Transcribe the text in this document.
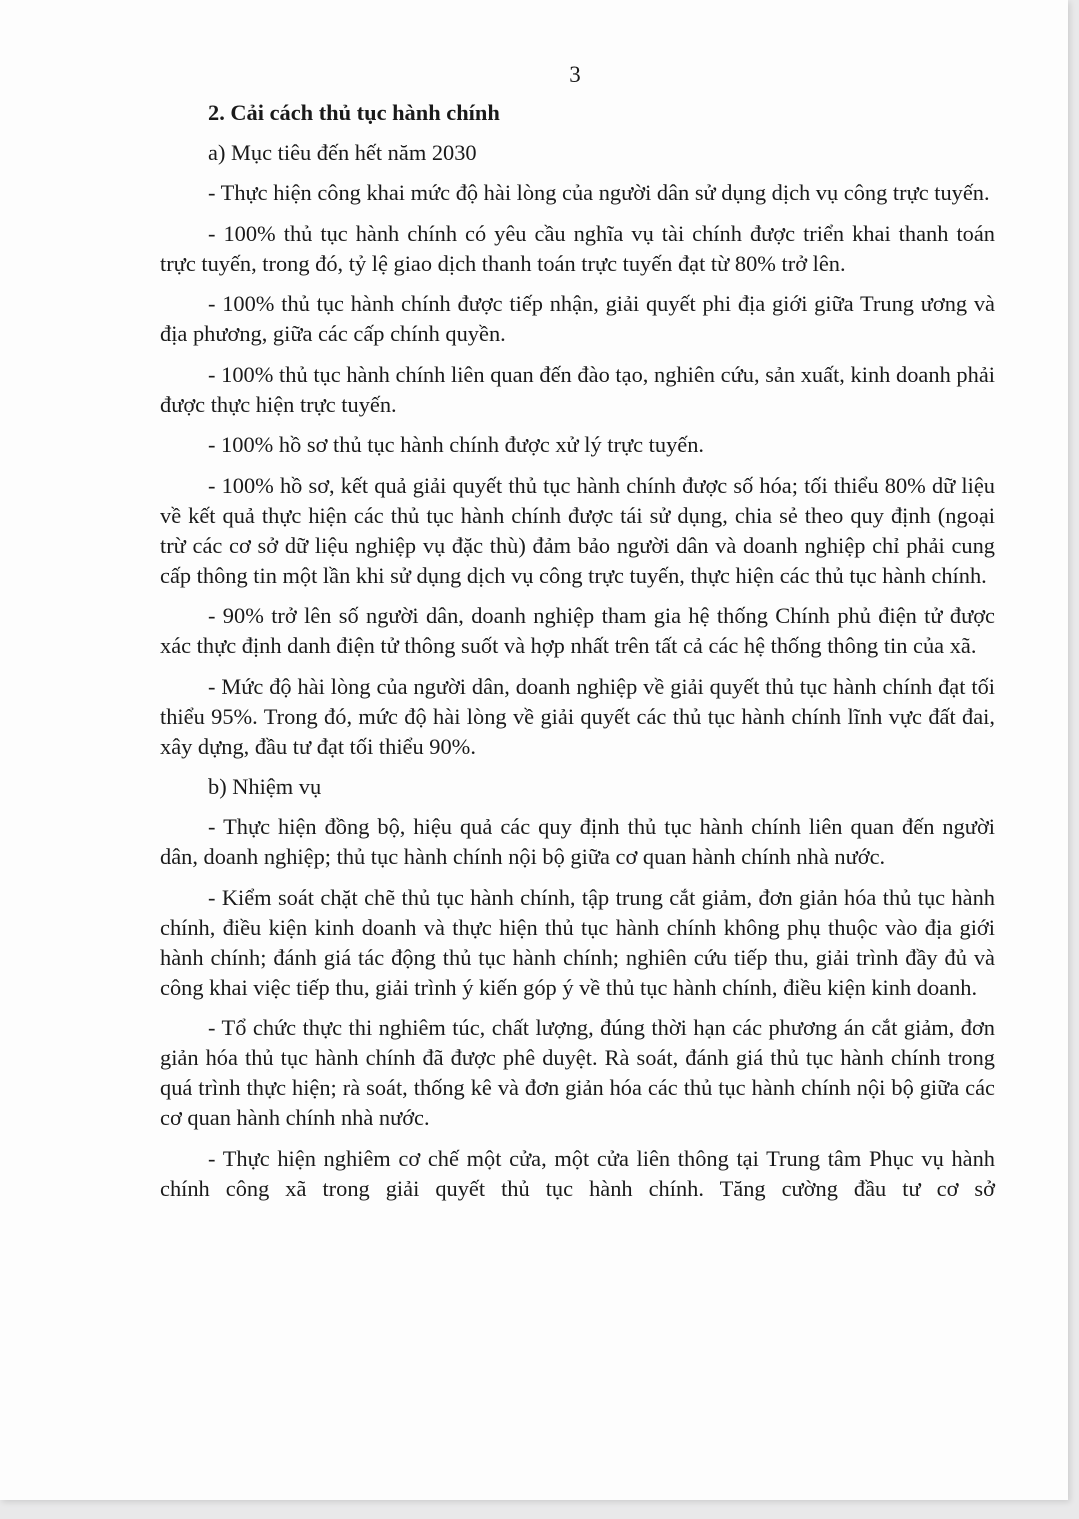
3

2. Cải cách thủ tục hành chính

a) Mục tiêu đến hết năm 2030

- Thực hiện công khai mức độ hài lòng của người dân sử dụng dịch vụ công trực tuyến.

- 100% thủ tục hành chính có yêu cầu nghĩa vụ tài chính được triển khai thanh toán trực tuyến, trong đó, tỷ lệ giao dịch thanh toán trực tuyến đạt từ 80% trở lên.

- 100% thủ tục hành chính được tiếp nhận, giải quyết phi địa giới giữa Trung ương và địa phương, giữa các cấp chính quyền.

- 100% thủ tục hành chính liên quan đến đào tạo, nghiên cứu, sản xuất, kinh doanh phải được thực hiện trực tuyến.

- 100% hồ sơ thủ tục hành chính được xử lý trực tuyến.

- 100% hồ sơ, kết quả giải quyết thủ tục hành chính được số hóa; tối thiểu 80% dữ liệu về kết quả thực hiện các thủ tục hành chính được tái sử dụng, chia sẻ theo quy định (ngoại trừ các cơ sở dữ liệu nghiệp vụ đặc thù) đảm bảo người dân và doanh nghiệp chỉ phải cung cấp thông tin một lần khi sử dụng dịch vụ công trực tuyến, thực hiện các thủ tục hành chính.

- 90% trở lên số người dân, doanh nghiệp tham gia hệ thống Chính phủ điện tử được xác thực định danh điện tử thông suốt và hợp nhất trên tất cả các hệ thống thông tin của xã.

- Mức độ hài lòng của người dân, doanh nghiệp về giải quyết thủ tục hành chính đạt tối thiểu 95%. Trong đó, mức độ hài lòng về giải quyết các thủ tục hành chính lĩnh vực đất đai, xây dựng, đầu tư đạt tối thiểu 90%.

b) Nhiệm vụ

- Thực hiện đồng bộ, hiệu quả các quy định thủ tục hành chính liên quan đến người dân, doanh nghiệp; thủ tục hành chính nội bộ giữa cơ quan hành chính nhà nước.

- Kiểm soát chặt chẽ thủ tục hành chính, tập trung cắt giảm, đơn giản hóa thủ tục hành chính, điều kiện kinh doanh và thực hiện thủ tục hành chính không phụ thuộc vào địa giới hành chính; đánh giá tác động thủ tục hành chính; nghiên cứu tiếp thu, giải trình đầy đủ và công khai việc tiếp thu, giải trình ý kiến góp ý về thủ tục hành chính, điều kiện kinh doanh.

- Tổ chức thực thi nghiêm túc, chất lượng, đúng thời hạn các phương án cắt giảm, đơn giản hóa thủ tục hành chính đã được phê duyệt. Rà soát, đánh giá thủ tục hành chính trong quá trình thực hiện; rà soát, thống kê và đơn giản hóa các thủ tục hành chính nội bộ giữa các cơ quan hành chính nhà nước.

- Thực hiện nghiêm cơ chế một cửa, một cửa liên thông tại Trung tâm Phục vụ hành chính công xã trong giải quyết thủ tục hành chính. Tăng cường đầu tư cơ sở
